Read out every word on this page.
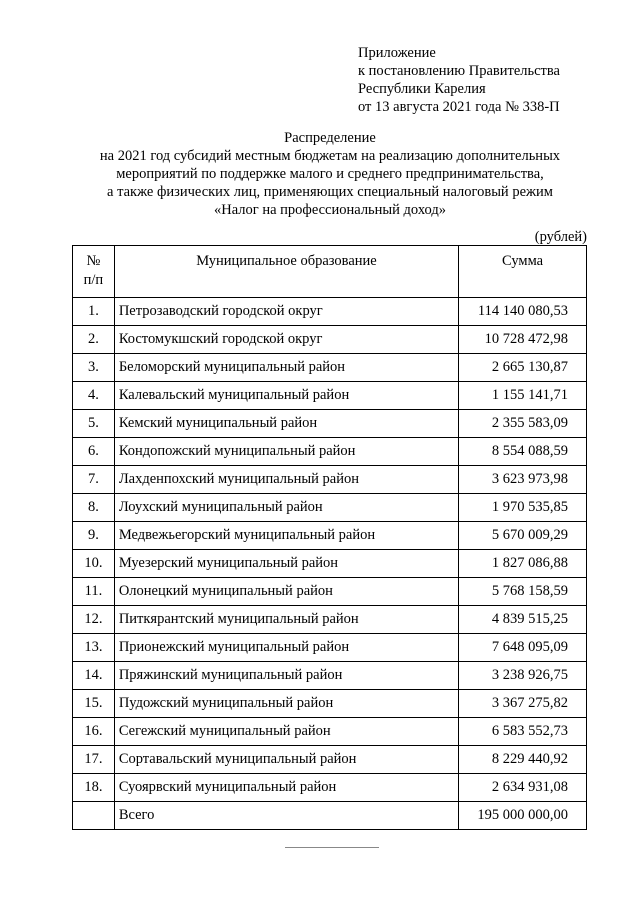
Приложение
к постановлению Правительства
Республики Карелия
от 13 августа 2021 года № 338-П
Распределение
на 2021 год субсидий местным бюджетам на реализацию дополнительных
мероприятий по поддержке малого и среднего предпринимательства,
а также физических лиц, применяющих специальный налоговый режим
«Налог на профессиональный доход»
(рублей)
№
п/п	Муниципальное образование	Сумма
1.	Петрозаводский городской округ	114 140 080,53
2.	Костомукшский городской округ	10 728 472,98
3.	Беломорский муниципальный район	2 665 130,87
4.	Калевальский муниципальный район	1 155 141,71
5.	Кемский муниципальный район	2 355 583,09
6.	Кондопожский муниципальный район	8 554 088,59
7.	Лахденпохский муниципальный район	3 623 973,98
8.	Лоухский муниципальный район	1 970 535,85
9.	Медвежьегорский муниципальный район	5 670 009,29
10.	Муезерский муниципальный район	1 827 086,88
11.	Олонецкий муниципальный район	5 768 158,59
12.	Питкярантский муниципальный район	4 839 515,25
13.	Прионежский муниципальный район	7 648 095,09
14.	Пряжинский муниципальный район	3 238 926,75
15.	Пудожский муниципальный район	3 367 275,82
16.	Сегежский муниципальный район	6 583 552,73
17.	Сортавальский муниципальный район	8 229 440,92
18.	Суоярвский муниципальный район	2 634 931,08
	Всего	195 000 000,00
